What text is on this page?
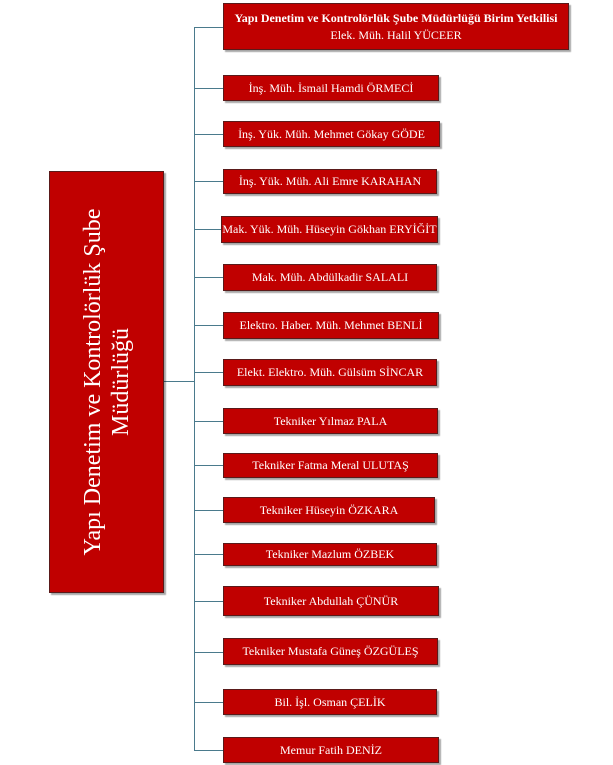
Yapı Denetim ve Kontrolörlük Şube Müdürlüğü
Yapı Denetim ve Kontrolörlük Şube Müdürlüğü Birim Yetkilisi
Elek. Müh. Halil YÜCEER
İnş. Müh. İsmail Hamdi ÖRMECİ
İnş. Yük. Müh. Mehmet Gökay GÖDE
İnş. Yük. Müh. Ali Emre KARAHAN
Mak. Yük. Müh. Hüseyin Gökhan ERYİĞİT
Mak. Müh. Abdülkadir SALALI
Elektro. Haber. Müh. Mehmet BENLİ
Elekt. Elektro. Müh. Gülsüm SİNCAR
Tekniker Yılmaz PALA
Tekniker Fatma Meral ULUTAŞ
Tekniker Hüseyin ÖZKARA
Tekniker Mazlum ÖZBEK
Tekniker Abdullah ÇÜNÜR
Tekniker Mustafa Güneş ÖZGÜLEŞ
Bil. İşl. Osman ÇELİK
Memur Fatih DENİZ
